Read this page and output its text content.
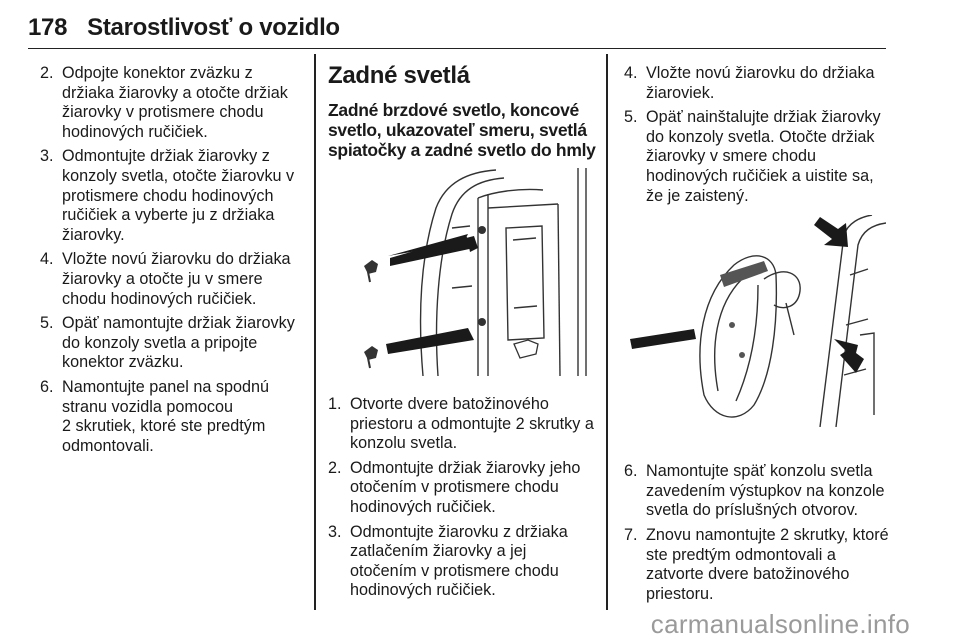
178 Starostlivosť o vozidlo
2. Odpojte konektor zväzku z
držiaka žiarovky a otočte držiak
žiarovky v protismere chodu
hodinových ručičiek.
3. Odmontujte držiak žiarovky z
konzoly svetla, otočte žiarovku v
protismere chodu hodinových
ručičiek a vyberte ju z držiaka
žiarovky.
4. Vložte novú žiarovku do držiaka
žiarovky a otočte ju v smere
chodu hodinových ručičiek.
5. Opäť namontujte držiak žiarovky
do konzoly svetla a pripojte
konektor zväzku.
6. Namontujte panel na spodnú
stranu vozidla pomocou
2 skrutiek, ktoré ste predtým
odmontovali.
Zadné svetlá
Zadné brzdové svetlo, koncové
svetlo, ukazovateľ smeru, svetlá
spiatočky a zadné svetlo do hmly
1. Otvorte dvere batožinového
priestoru a odmontujte 2 skrutky a
konzolu svetla.
2. Odmontujte držiak žiarovky jeho
otočením v protismere chodu
hodinových ručičiek.
3. Odmontujte žiarovku z držiaka
zatlačením žiarovky a jej
otočením v protismere chodu
hodinových ručičiek.
4. Vložte novú žiarovku do držiaka
žiaroviek.
5. Opäť nainštalujte držiak žiarovky
do konzoly svetla. Otočte držiak
žiarovky v smere chodu
hodinových ručičiek a uistite sa,
že je zaistený.
6. Namontujte späť konzolu svetla
zavedením výstupkov na konzole
svetla do príslušných otvorov.
7. Znovu namontujte 2 skrutky, ktoré
ste predtým odmontovali a
zatvorte dvere batožinového
priestoru.
carmanualsonline.info
